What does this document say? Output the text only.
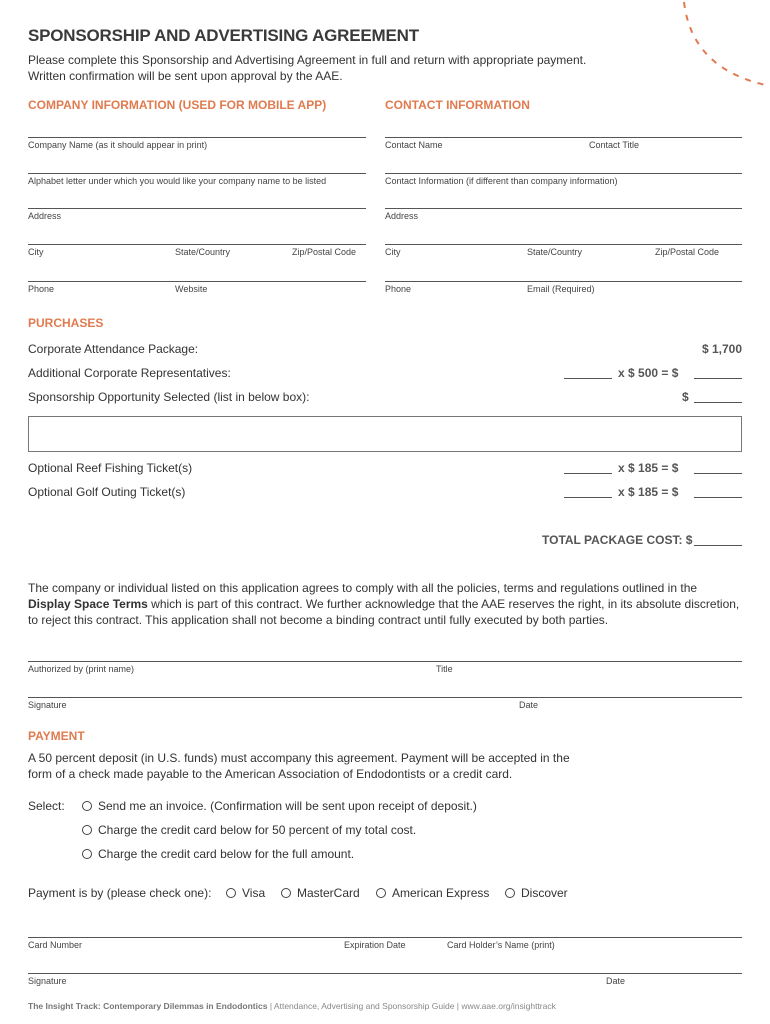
SPONSORSHIP AND ADVERTISING AGREEMENT
Please complete this Sponsorship and Advertising Agreement in full and return with appropriate payment.
Written confirmation will be sent upon approval by the AAE.
COMPANY INFORMATION (USED FOR MOBILE APP)	CONTACT INFORMATION
Company Name (as it should appear in print)
Alphabet letter under which you would like your company name to be listed
Address
City	State/Country	Zip/Postal Code
Phone	Website
Contact Name	Contact Title
Contact Information (if different than company information)
Address
City	State/Country	Zip/Postal Code
Phone	Email (Required)
PURCHASES
Corporate Attendance Package:	$ 1,700
Additional Corporate Representatives:	x $ 500 = $
Sponsorship Opportunity Selected (list in below box):	$
Optional Reef Fishing Ticket(s)	x $ 185 = $
Optional Golf Outing Ticket(s)	x $ 185 = $
TOTAL PACKAGE COST: $
The company or individual listed on this application agrees to comply with all the policies, terms and regulations outlined in the Display Space Terms which is part of this contract. We further acknowledge that the AAE reserves the right, in its absolute discretion, to reject this contract. This application shall not become a binding contract until fully executed by both parties.
Authorized by (print name)	Title
Signature	Date
PAYMENT
A 50 percent deposit (in U.S. funds) must accompany this agreement. Payment will be accepted in the
form of a check made payable to the American Association of Endodontists or a credit card.
Select:	Send me an invoice. (Confirmation will be sent upon receipt of deposit.)
Charge the credit card below for 50 percent of my total cost.
Charge the credit card below for the full amount.
Payment is by (please check one):	Visa	MasterCard	American Express	Discover
Card Number	Expiration Date	Card Holder’s Name (print)
Signature	Date
The Insight Track: Contemporary Dilemmas in Endodontics | Attendance, Advertising and Sponsorship Guide | www.aae.org/insighttrack
